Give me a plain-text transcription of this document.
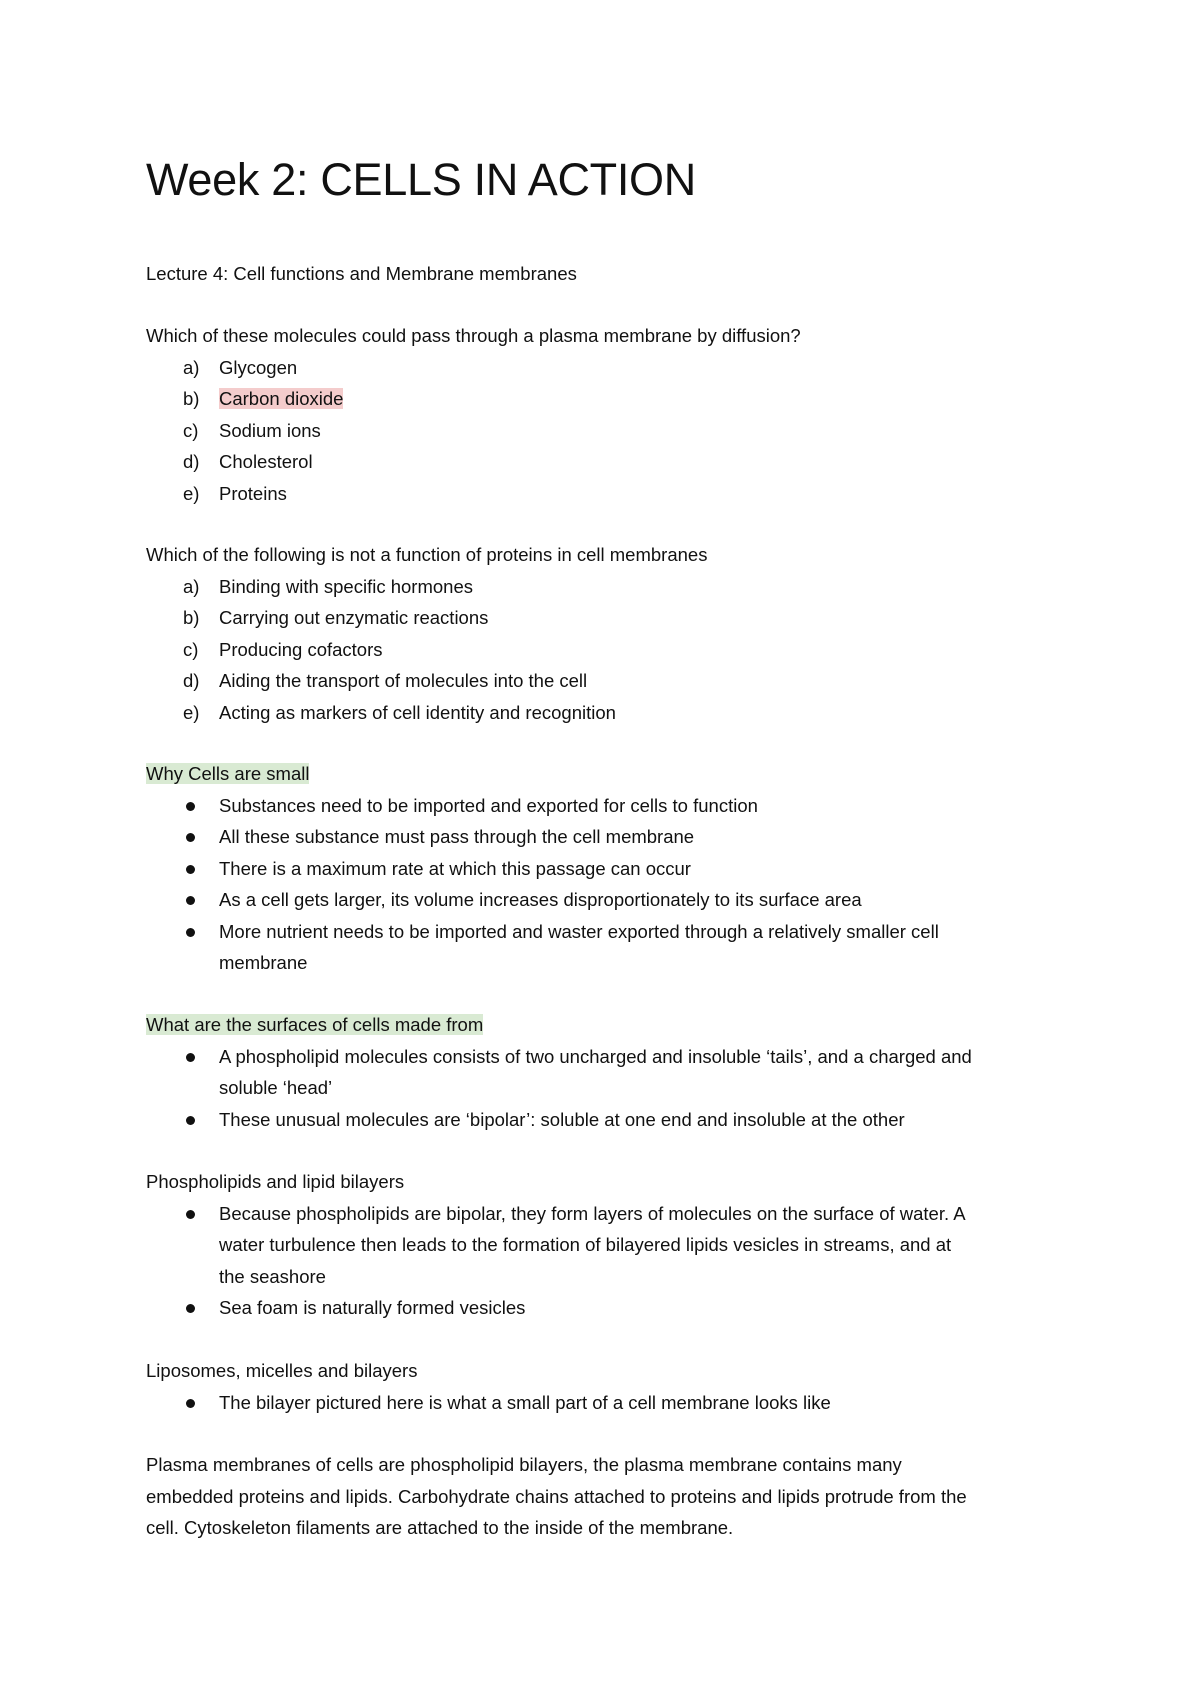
Week 2: CELLS IN ACTION
Lecture 4: Cell functions and Membrane membranes
Which of these molecules could pass through a plasma membrane by diffusion?
a) Glycogen
b) Carbon dioxide
c) Sodium ions
d) Cholesterol
e) Proteins
Which of the following is not a function of proteins in cell membranes
a) Binding with specific hormones
b) Carrying out enzymatic reactions
c) Producing cofactors
d) Aiding the transport of molecules into the cell
e) Acting as markers of cell identity and recognition
Why Cells are small
Substances need to be imported and exported for cells to function
All these substance must pass through the cell membrane
There is a maximum rate at which this passage can occur
As a cell gets larger, its volume increases disproportionately to its surface area
More nutrient needs to be imported and waster exported through a relatively smaller cell
membrane
What are the surfaces of cells made from
A phospholipid molecules consists of two uncharged and insoluble ‘tails’, and a charged and
soluble ‘head’
These unusual molecules are ‘bipolar’: soluble at one end and insoluble at the other
Phospholipids and lipid bilayers
Because phospholipids are bipolar, they form layers of molecules on the surface of water. A
water turbulence then leads to the formation of bilayered lipids vesicles in streams, and at
the seashore
Sea foam is naturally formed vesicles
Liposomes, micelles and bilayers
The bilayer pictured here is what a small part of a cell membrane looks like
Plasma membranes of cells are phospholipid bilayers, the plasma membrane contains many
embedded proteins and lipids. Carbohydrate chains attached to proteins and lipids protrude from the
cell. Cytoskeleton filaments are attached to the inside of the membrane.
